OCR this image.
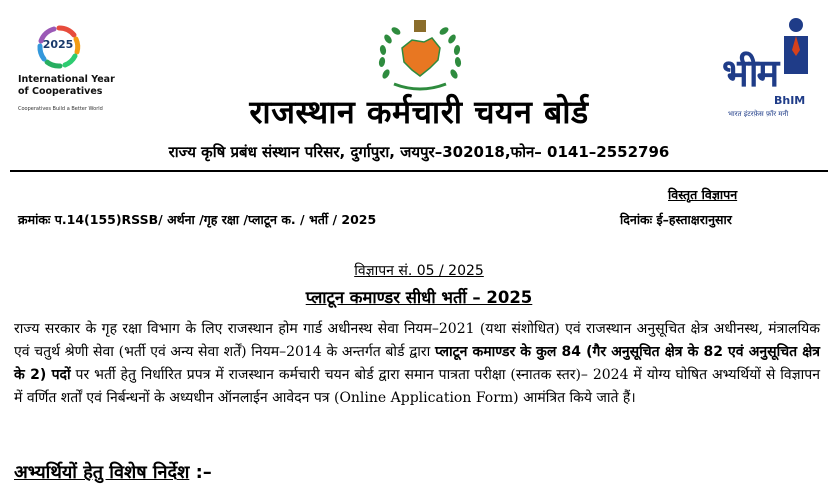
2025
International Year
of Cooperatives
Cooperatives Build a Better World
भीम
BhIM
भारत इंटरफ़ेस फ़ॉर मनी
राजस्थान कर्मचारी चयन बोर्ड
राज्य कृषि प्रबंध संस्थान परिसर, दुर्गापुरा, जयपुर–302018,फोन– 0141–2552796
विस्तृत विज्ञापन
क्रमांकः प.14(155)RSSB/ अर्थना /गृह रक्षा /प्लाटून क. / भर्ती / 2025	दिनांकः ई–हस्ताक्षरानुसार
विज्ञापन सं. 05 / 2025
प्लाटून कमाण्डर सीधी भर्ती – 2025
राज्य सरकार के गृह रक्षा विभाग के लिए राजस्थान होम गार्ड अधीनस्थ सेवा नियम–2021 (यथा संशोधित) एवं राजस्थान अनुसूचित क्षेत्र अधीनस्थ, मंत्रालयिक एवं चतुर्थ श्रेणी सेवा (भर्ती एवं अन्य सेवा शर्तें) नियम–2014 के अन्तर्गत बोर्ड द्वारा प्लाटून कमाण्डर के कुल 84 (गैर अनुसूचित क्षेत्र के 82 एवं अनुसूचित क्षेत्र के 2) पदों पर भर्ती हेतु निर्धारित प्रपत्र में राजस्थान कर्मचारी चयन बोर्ड द्वारा समान पात्रता परीक्षा (स्नातक स्तर)– 2024 में योग्य घोषित अभ्यर्थियों से विज्ञापन में वर्णित शर्तों एवं निर्बन्धनों के अध्यधीन ऑनलाईन आवेदन पत्र (Online Application Form) आमंत्रित किये जाते हैं।
अभ्यर्थियों हेतु विशेष निर्देश :–
